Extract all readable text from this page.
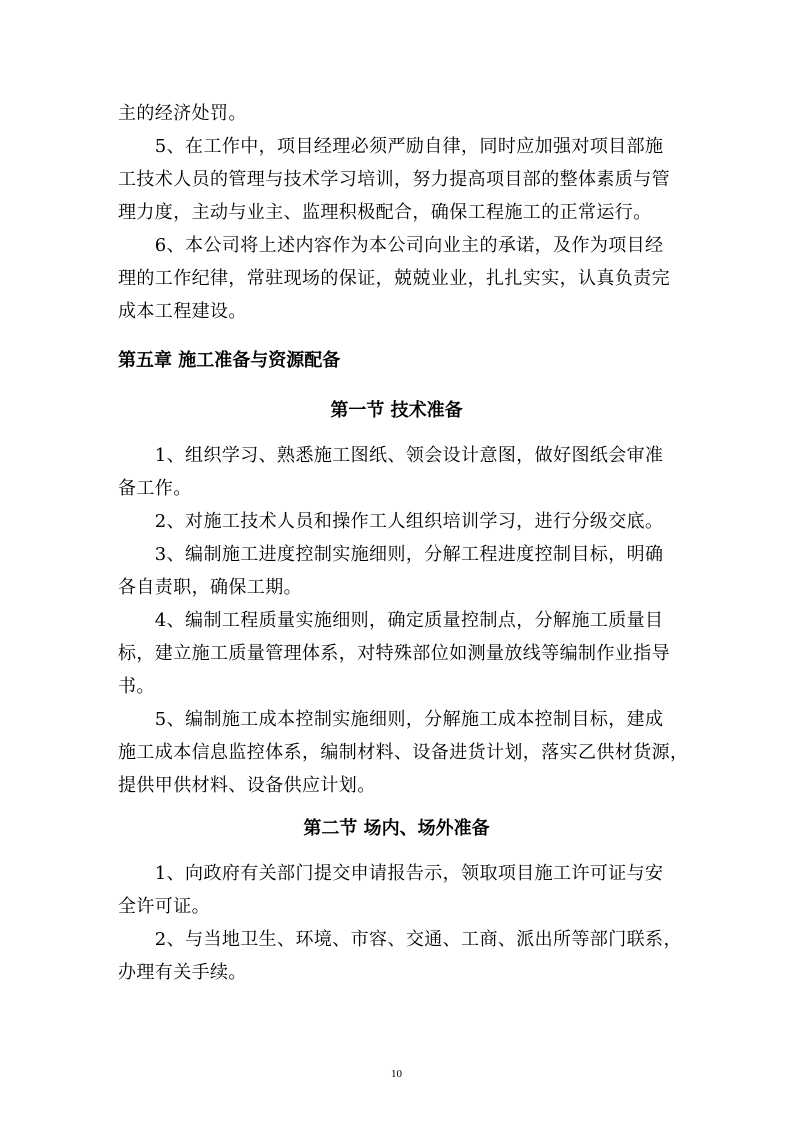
主的经济处罚。
　　5、在工作中，项目经理必须严励自律，同时应加强对项目部施
工技术人员的管理与技术学习培训，努力提高项目部的整体素质与管
理力度，主动与业主、监理积极配合，确保工程施工的正常运行。
　　6、本公司将上述内容作为本公司向业主的承诺，及作为项目经
理的工作纪律，常驻现场的保证，兢兢业业，扎扎实实，认真负责完
成本工程建设。
第五章 施工准备与资源配备
第一节 技术准备
　　1、组织学习、熟悉施工图纸、领会设计意图，做好图纸会审准
备工作。
　　2、对施工技术人员和操作工人组织培训学习，进行分级交底。
　　3、编制施工进度控制实施细则，分解工程进度控制目标，明确
各自责职，确保工期。
　　4、编制工程质量实施细则，确定质量控制点，分解施工质量目
标，建立施工质量管理体系，对特殊部位如测量放线等编制作业指导
书。
　　5、编制施工成本控制实施细则，分解施工成本控制目标，建成
施工成本信息监控体系，编制材料、设备进货计划，落实乙供材货源，
提供甲供材料、设备供应计划。
第二节 场内、场外准备
　　1、向政府有关部门提交申请报告示，领取项目施工许可证与安
全许可证。
　　2、与当地卫生、环境、市容、交通、工商、派出所等部门联系，
办理有关手续。
10
